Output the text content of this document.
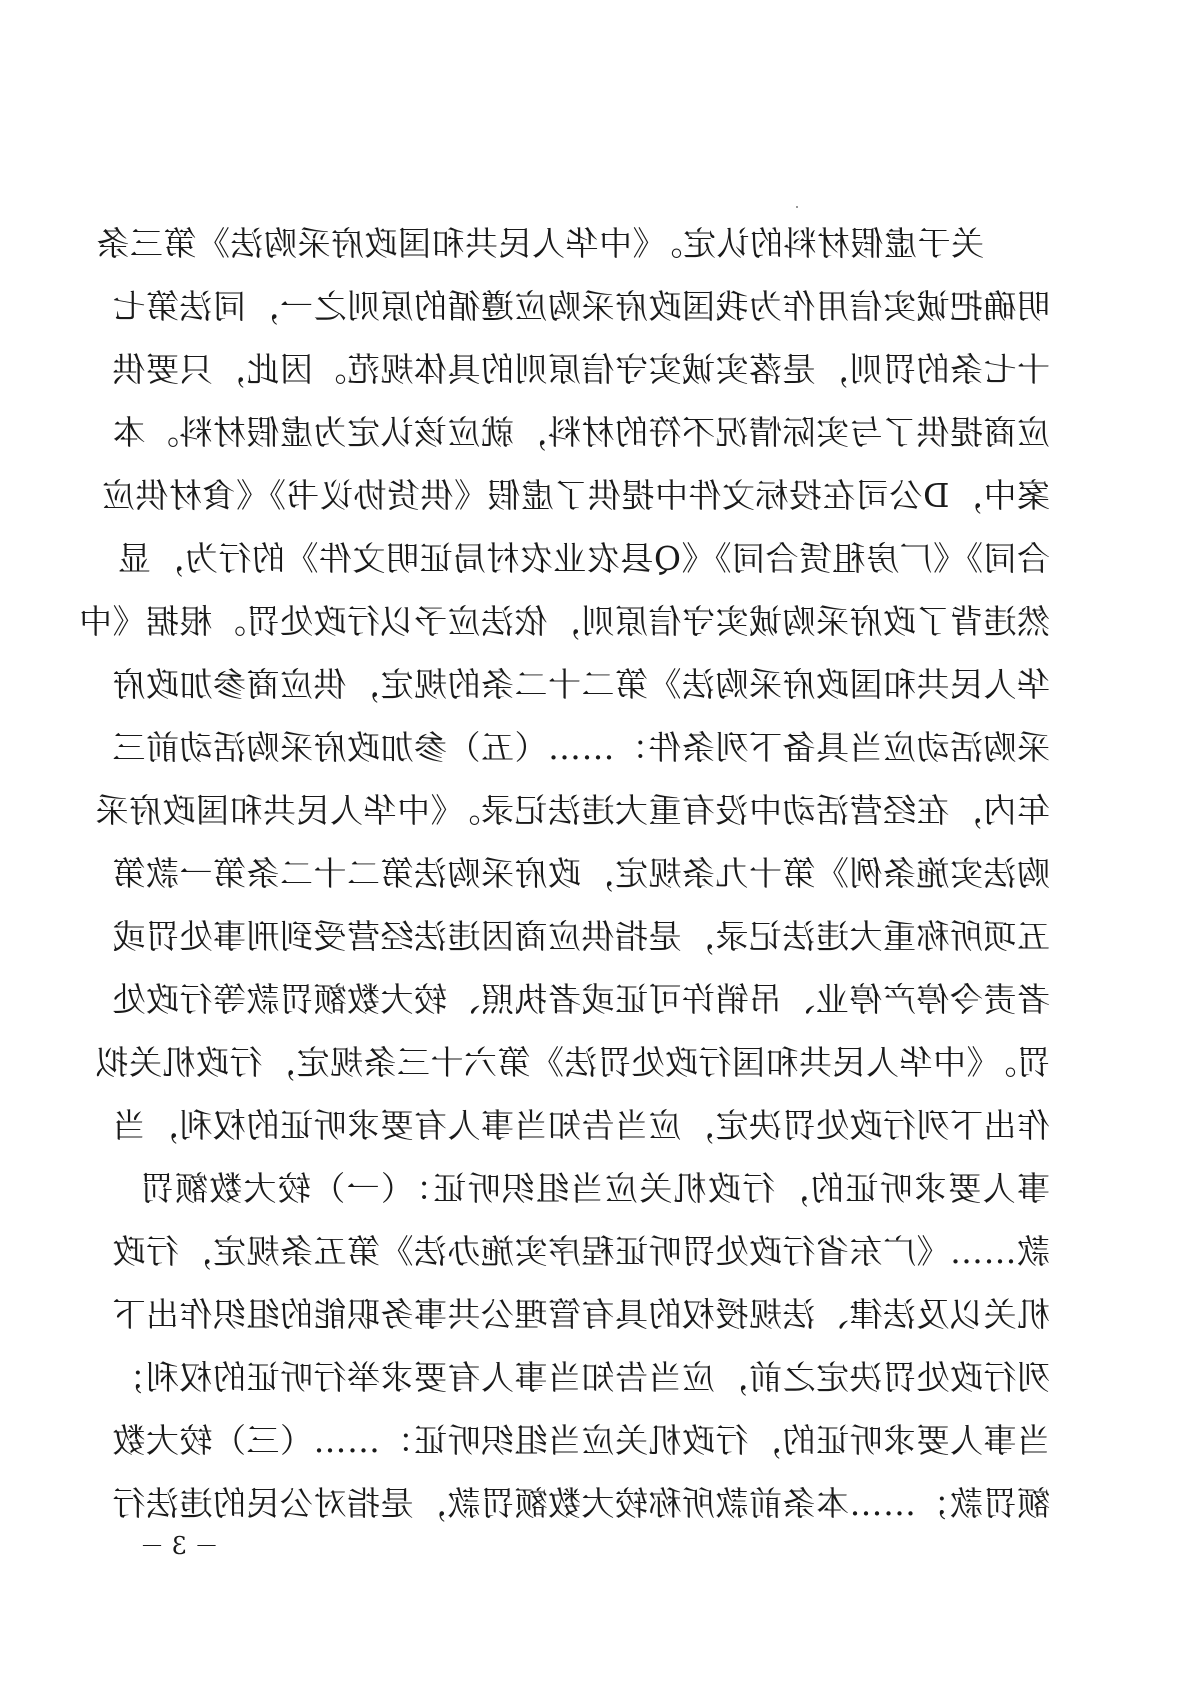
关于虚假材料的认定。《中华人民共和国政府采购法》第三条
明确把诚实信用作为我国政府采购应遵循的原则之一，同法第七
十七条的罚则，是落实诚实守信原则的具体规范。因此，只要供
应商提供了与实际情况不符的材料，就应该认定为虚假材料。本
案中，D公司在投标文件中提供了虚假《供货协议书》《食材供应
合同》《厂房租赁合同》《Q县农业农村局证明文件》的行为，显
然违背了政府采购诚实守信原则，依法应予以行政处罚。根据《中
华人民共和国政府采购法》第二十二条的规定，供应商参加政府
采购活动应当具备下列条件：……（五）参加政府采购活动前三
年内，在经营活动中没有重大违法记录。《中华人民共和国政府采
购法实施条例》第十九条规定，政府采购法第二十二条第一款第
五项所称重大违法记录，是指供应商因违法经营受到刑事处罚或
者责令停产停业、吊销许可证或者执照、较大数额罚款等行政处
罚。《中华人民共和国行政处罚法》第六十三条规定，行政机关拟
作出下列行政处罚决定，应当告知当事人有要求听证的权利，当
事人要求听证的，行政机关应当组织听证：（一）较大数额罚
款……《广东省行政处罚听证程序实施办法》第五条规定，行政
机关以及法律、法规授权的具有管理公共事务职能的组织作出下
列行政处罚决定之前，应当告知当事人有要求举行听证的权利；
当事人要求听证的，行政机关应当组织听证：……（三）较大数
额罚款；……本条前款所称较大数额罚款，是指对公民的违法行
－ 3 －
